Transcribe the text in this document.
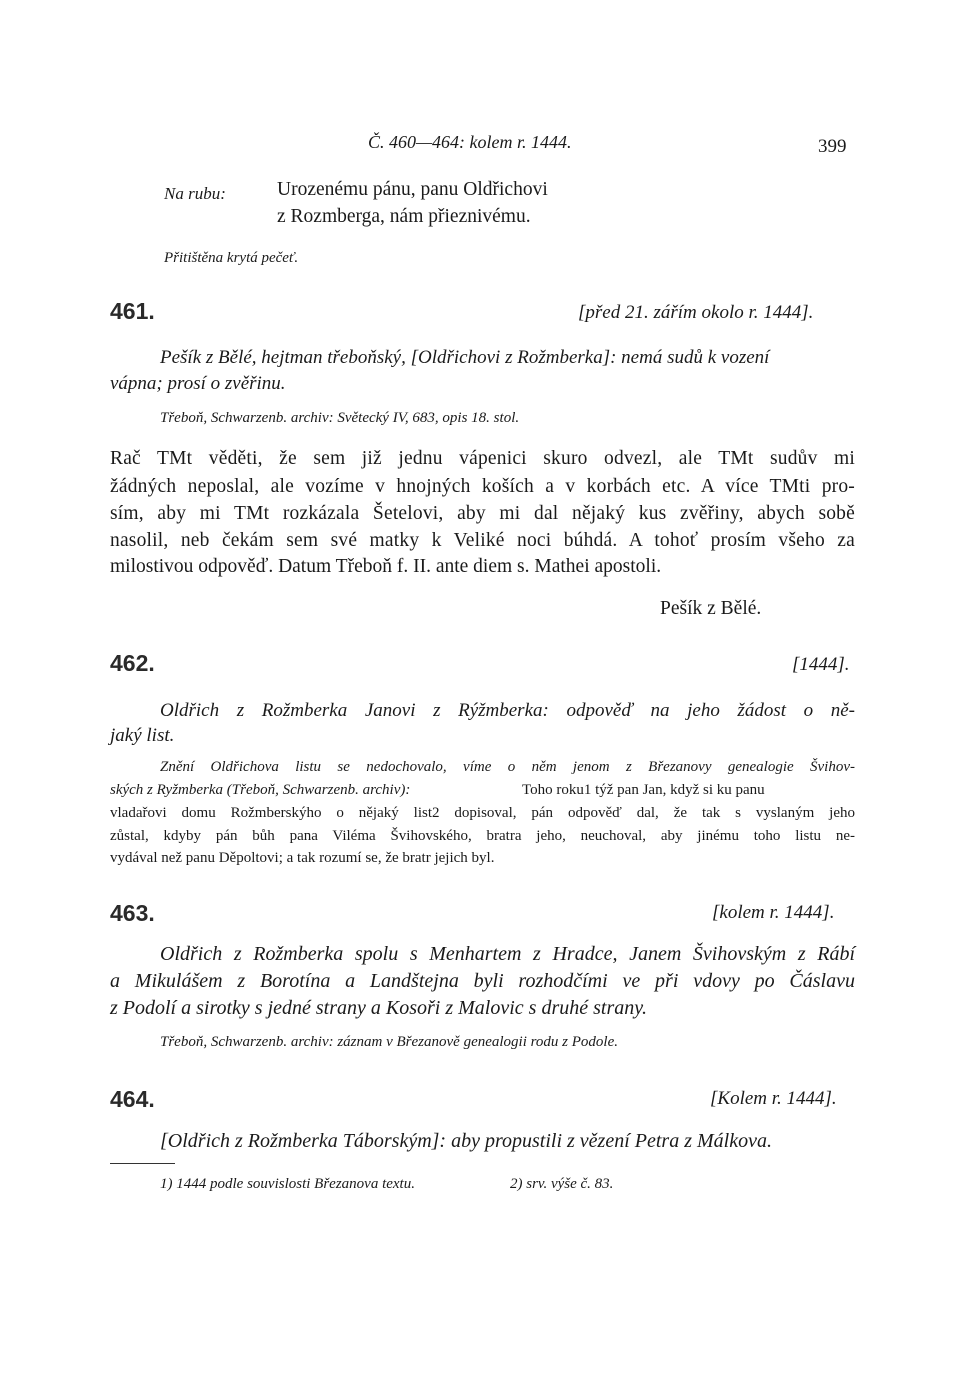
Č. 460—464: kolem r. 1444.	399
Na rubu:	Urozenému pánu, panu Oldřichovi
z Rozmberga, nám přieznivému.
Přitištěna krytá pečeť.
461.	[před 21. zářím okolo r. 1444].
Pešík z Bělé, hejtman třeboňský, [Oldřichovi z Rožmberka]: nemá sudů k vození
vápna; prosí o zvěřinu.
Třeboň, Schwarzenb. archiv: Světecký IV, 683, opis 18. stol.
Rač TMt věděti, že sem již jednu vápenici skuro odvezl, ale TMt sudův mi
žádných neposlal, ale vozíme v hnojných koších a v korbách etc. A více TMti pro-
sím, aby mi TMt rozkázala Šetelovi, aby mi dal nějaký kus zvěřiny, abych sobě
nasolil, neb čekám sem své matky k Veliké noci búhdá. A tohoť prosím všeho za
milostivou odpověď. Datum Třeboň f. II. ante diem s. Mathei apostoli.
Pešík z Bělé.
462.	[1444].
Oldřich z Rožmberka Janovi z Rýžmberka: odpověď na jeho žádost o ně-
jaký list.
Znění Oldřichova listu se nedochovalo, víme o něm jenom z Březanovy genealogie Švihov-
ských z Ryžmberka (Třeboň, Schwarzenb. archiv):	Toho roku1 týž pan Jan, když si ku panu
vladařovi domu Rožmberskýho o nějaký list2 dopisoval, pán odpověď dal, že tak s vyslaným jeho
zůstal, kdyby pán bůh pana Viléma Švihovského, bratra jeho, neuchoval, aby jinému toho listu ne-
vydával než panu Děpoltovi; a tak rozumí se, že bratr jejich byl.
463.	[kolem r. 1444].
Oldřich z Rožmberka spolu s Menhartem z Hradce, Janem Švihovským z Rábí
a Mikulášem z Borotína a Landštejna byli rozhodčími ve při vdovy po Čáslavu
z Podolí a sirotky s jedné strany a Kosoři z Malovic s druhé strany.
Třeboň, Schwarzenb. archiv: záznam v Březanově genealogii rodu z Podole.
464.	[Kolem r. 1444].
[Oldřich z Rožmberka Táborským]: aby propustili z vězení Petra z Málkova.
1) 1444 podle souvislosti Březanova textu.	2) srv. výše č. 83.
